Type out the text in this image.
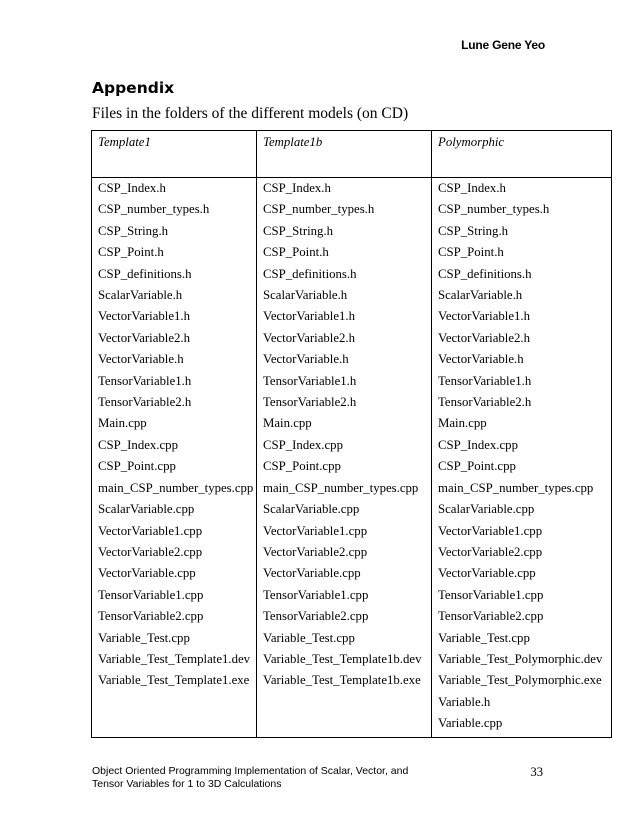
Lune Gene Yeo
Appendix
Files in the folders of the different models (on CD)
Template1	Template1b	Polymorphic
CSP_Index.h	CSP_Index.h	CSP_Index.h
CSP_number_types.h	CSP_number_types.h	CSP_number_types.h
CSP_String.h	CSP_String.h	CSP_String.h
CSP_Point.h	CSP_Point.h	CSP_Point.h
CSP_definitions.h	CSP_definitions.h	CSP_definitions.h
ScalarVariable.h	ScalarVariable.h	ScalarVariable.h
VectorVariable1.h	VectorVariable1.h	VectorVariable1.h
VectorVariable2.h	VectorVariable2.h	VectorVariable2.h
VectorVariable.h	VectorVariable.h	VectorVariable.h
TensorVariable1.h	TensorVariable1.h	TensorVariable1.h
TensorVariable2.h	TensorVariable2.h	TensorVariable2.h
Main.cpp	Main.cpp	Main.cpp
CSP_Index.cpp	CSP_Index.cpp	CSP_Index.cpp
CSP_Point.cpp	CSP_Point.cpp	CSP_Point.cpp
main_CSP_number_types.cpp	main_CSP_number_types.cpp	main_CSP_number_types.cpp
ScalarVariable.cpp	ScalarVariable.cpp	ScalarVariable.cpp
VectorVariable1.cpp	VectorVariable1.cpp	VectorVariable1.cpp
VectorVariable2.cpp	VectorVariable2.cpp	VectorVariable2.cpp
VectorVariable.cpp	VectorVariable.cpp	VectorVariable.cpp
TensorVariable1.cpp	TensorVariable1.cpp	TensorVariable1.cpp
TensorVariable2.cpp	TensorVariable2.cpp	TensorVariable2.cpp
Variable_Test.cpp	Variable_Test.cpp	Variable_Test.cpp
Variable_Test_Template1.dev	Variable_Test_Template1b.dev	Variable_Test_Polymorphic.dev
Variable_Test_Template1.exe	Variable_Test_Template1b.exe	Variable_Test_Polymorphic.exe
		Variable.h
		Variable.cpp
Object Oriented Programming Implementation of Scalar, Vector, and
Tensor Variables for 1 to 3D Calculations
33
